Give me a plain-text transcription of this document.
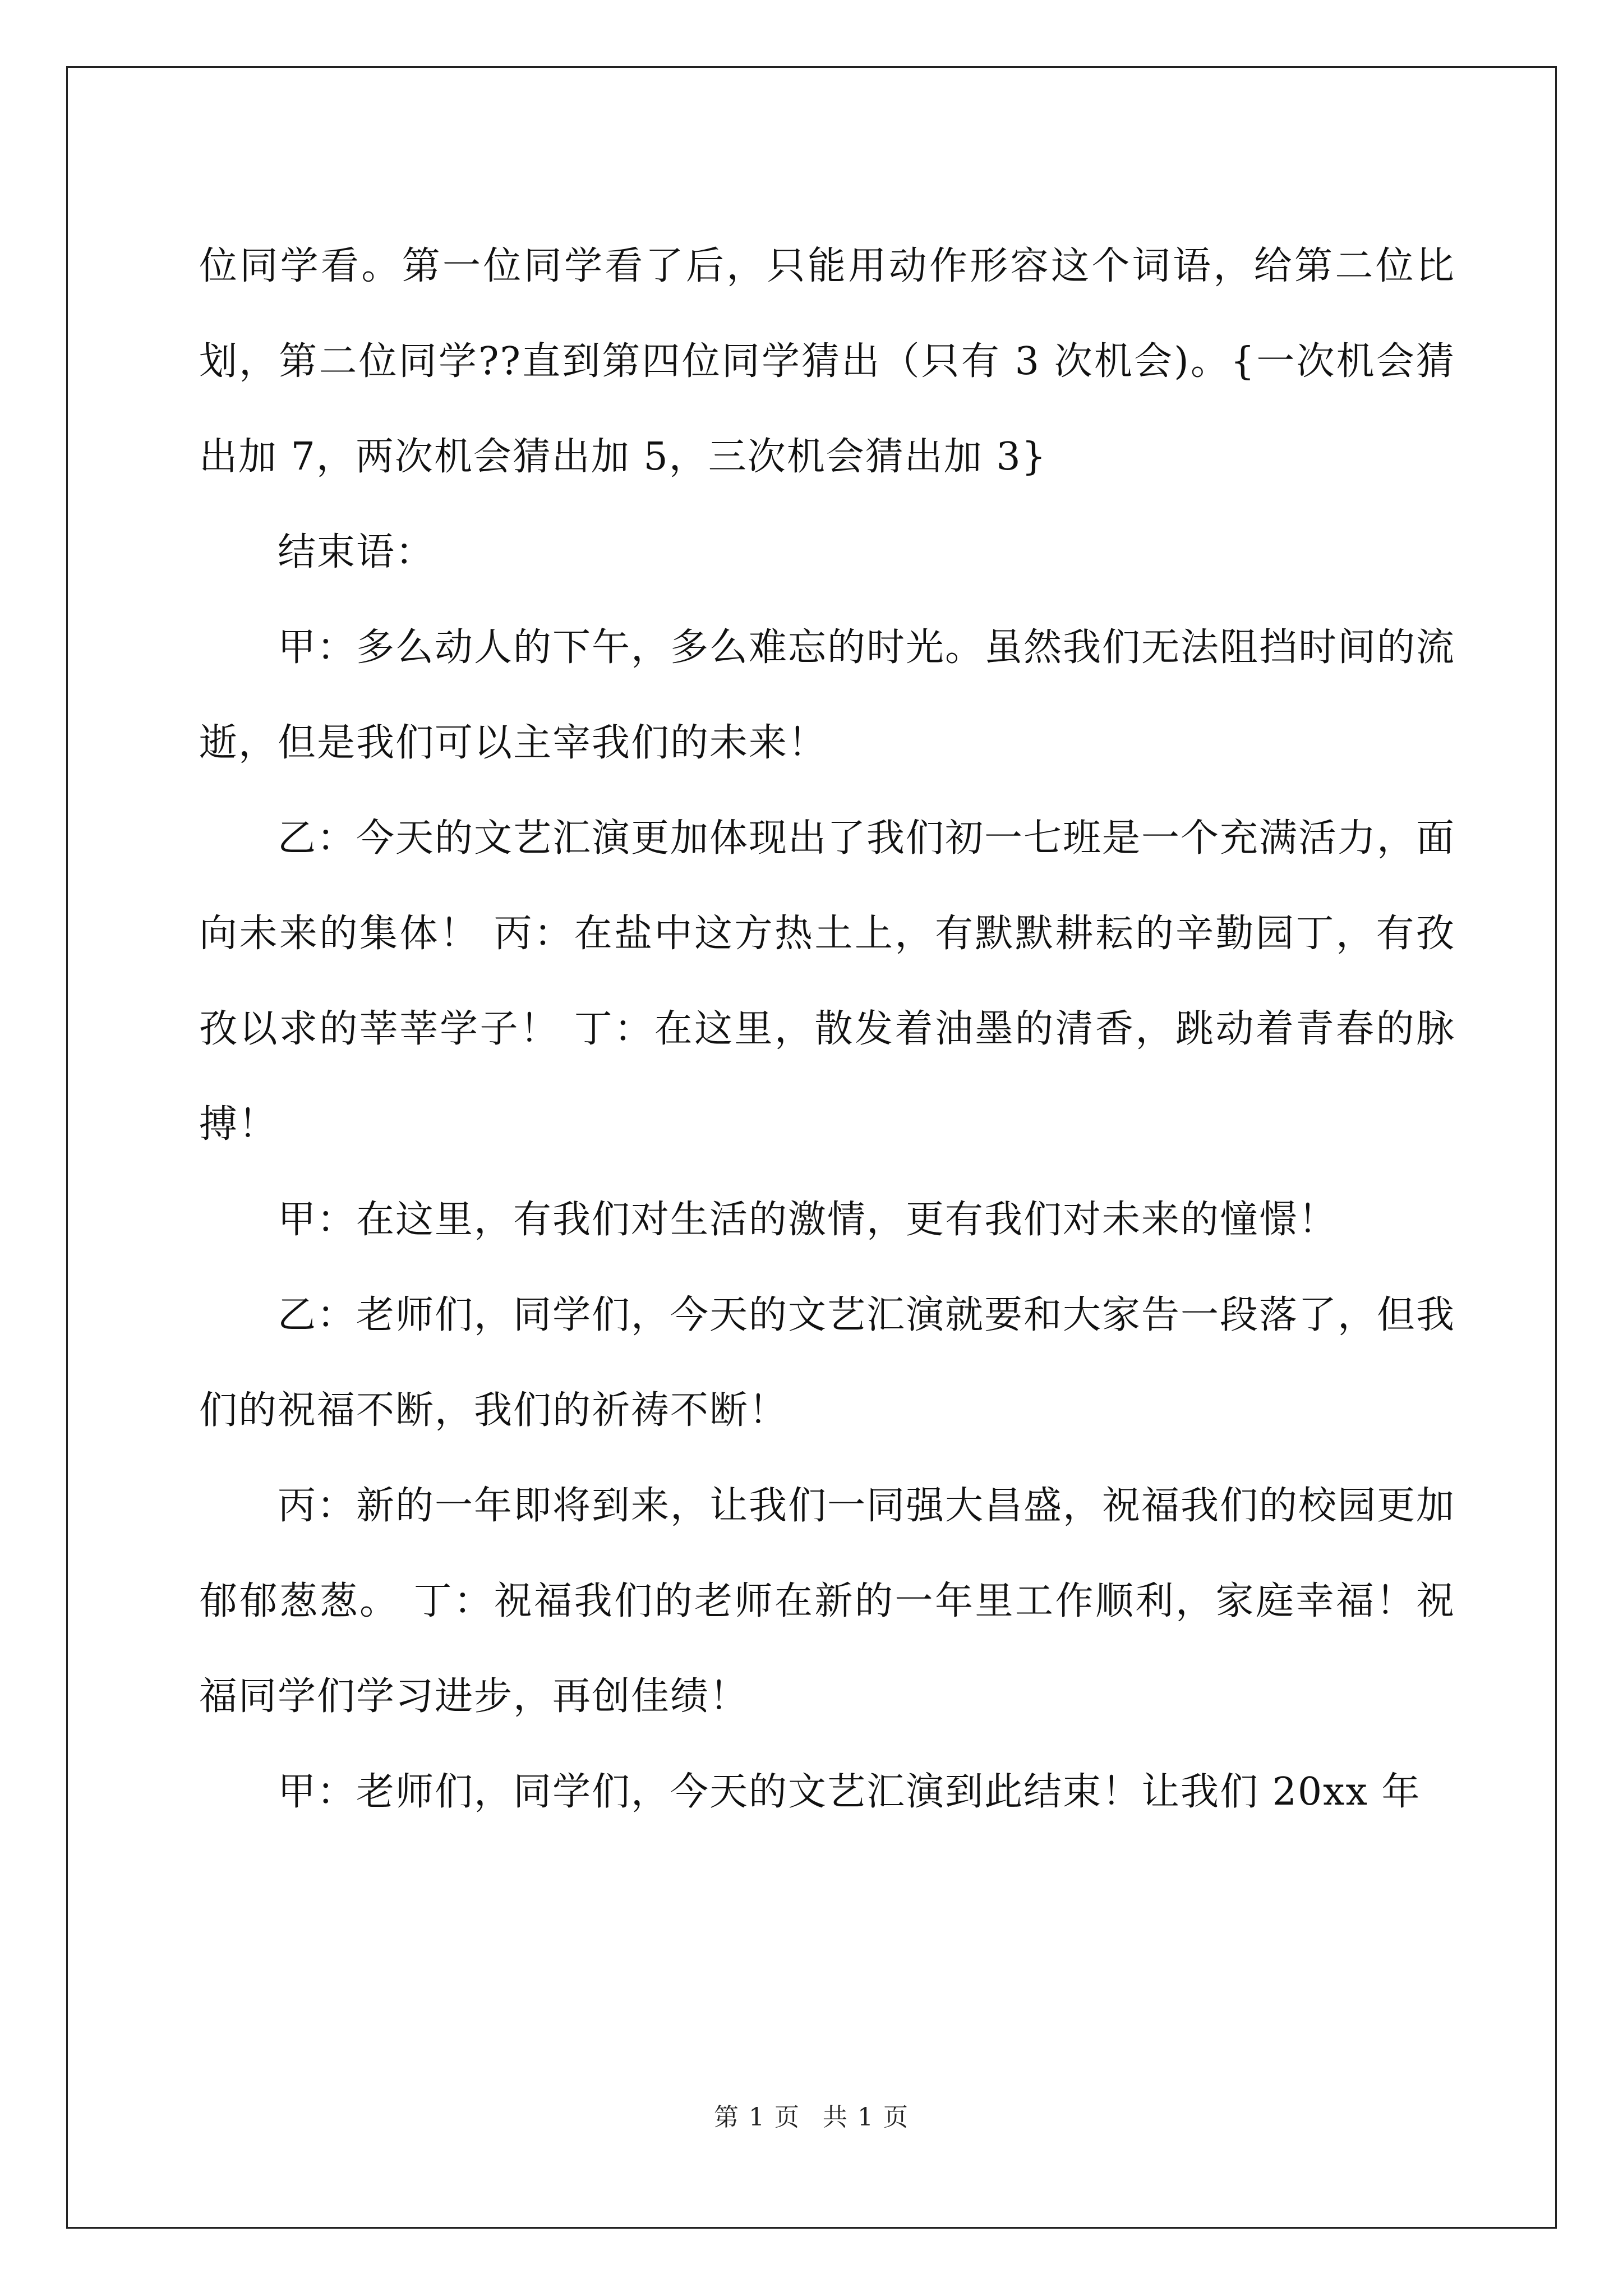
位同学看。第一位同学看了后，只能用动作形容这个词语，给第二位比划，第二位同学??直到第四位同学猜出（只有 3 次机会)。{一次机会猜出加 7，两次机会猜出加 5，三次机会猜出加 3}

结束语：

甲：多么动人的下午，多么难忘的时光。虽然我们无法阻挡时间的流逝，但是我们可以主宰我们的未来！

乙：今天的文艺汇演更加体现出了我们初一七班是一个充满活力，面向未来的集体！ 丙：在盐中这方热土上，有默默耕耘的辛勤园丁，有孜孜以求的莘莘学子！ 丁：在这里，散发着油墨的清香，跳动着青春的脉搏！

甲：在这里，有我们对生活的激情，更有我们对未来的憧憬！

乙：老师们，同学们，今天的文艺汇演就要和大家告一段落了，但我们的祝福不断，我们的祈祷不断！

丙：新的一年即将到来，让我们一同强大昌盛，祝福我们的校园更加郁郁葱葱。 丁：祝福我们的老师在新的一年里工作顺利，家庭幸福！祝福同学们学习进步，再创佳绩！

甲：老师们，同学们，今天的文艺汇演到此结束！让我们 20xx 年

第 1 页 共 1 页
